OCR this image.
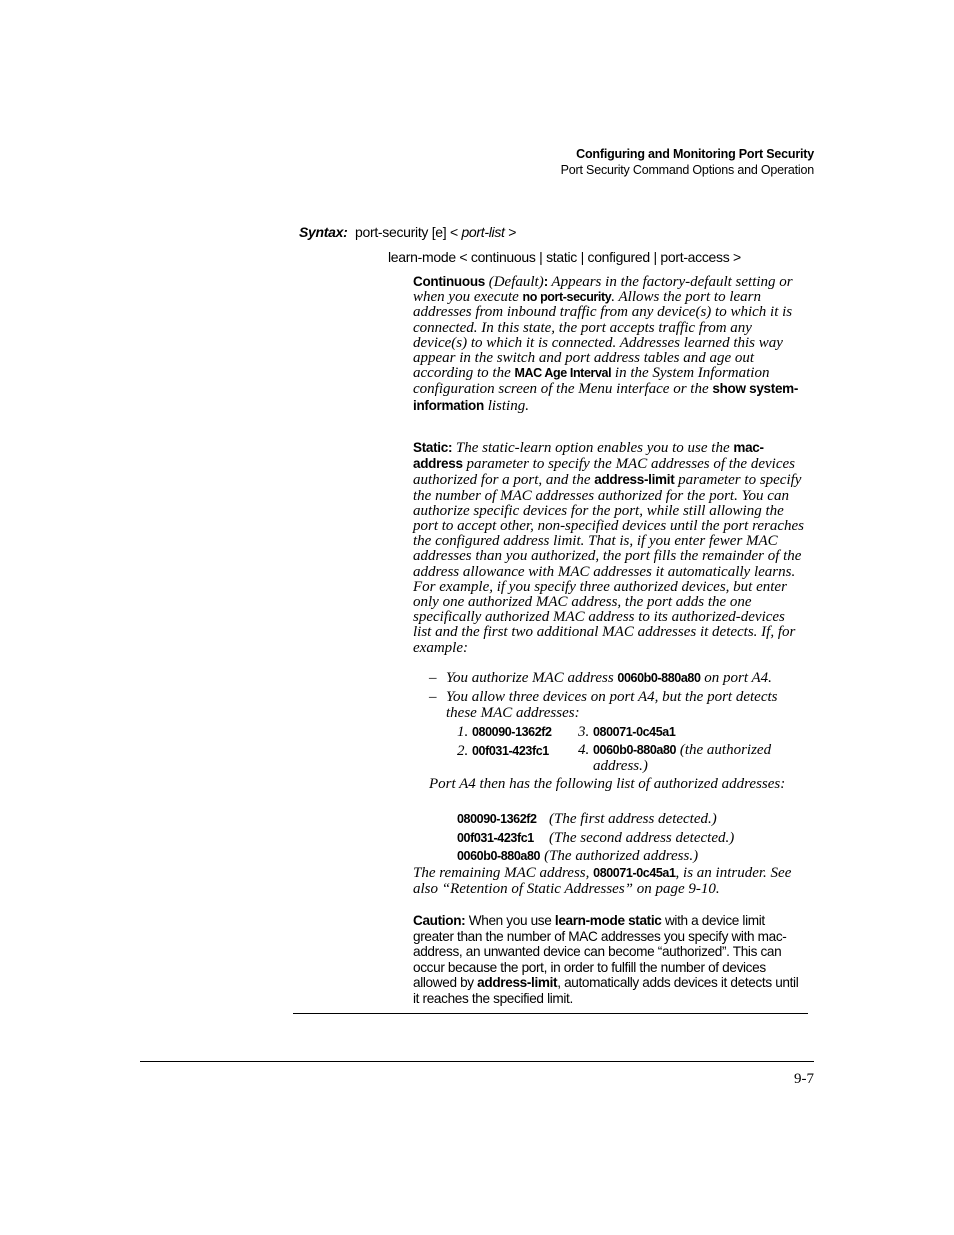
Configuring and Monitoring Port Security
Port Security Command Options and Operation
Syntax: port-security [e] < port-list >
learn-mode < continuous | static | configured | port-access >
Continuous (Default): Appears in the factory-default setting or when you execute no port-security. Allows the port to learn addresses from inbound traffic from any device(s) to which it is connected. In this state, the port accepts traffic from any device(s) to which it is connected. Addresses learned this way appear in the switch and port address tables and age out according to the MAC Age Interval in the System Information configuration screen of the Menu interface or the show system-information listing.
Static: The static-learn option enables you to use the mac-address parameter to specify the MAC addresses of the devices authorized for a port, and the address-limit parameter to specify the number of MAC addresses authorized for the port. You can authorize specific devices for the port, while still allowing the port to accept other, non-specified devices until the port reraches the configured address limit. That is, if you enter fewer MAC addresses than you authorized, the port fills the remainder of the address allowance with MAC addresses it automatically learns. For example, if you specify three authorized devices, but enter only one authorized MAC address, the port adds the one specifically authorized MAC address to its authorized-devices list and the first two additional MAC addresses it detects. If, for example:
– You authorize MAC address 0060b0-880a80 on port A4.
– You allow three devices on port A4, but the port detects these MAC addresses:
1. 080090-1362f2
2. 00f031-423fc1
3. 080071-0c45a1
4. 0060b0-880a80 (the authorized
address.)
Port A4 then has the following list of authorized addresses:
080090-1362f2 (The first address detected.)
00f031-423fc1 (The second address detected.)
0060b0-880a80 (The authorized address.)
The remaining MAC address, 080071-0c45a1, is an intruder. See also “Retention of Static Addresses” on page 9-10.
Caution: When you use learn-mode static with a device limit greater than the number of MAC addresses you specify with mac-address, an unwanted device can become “authorized”. This can occur because the port, in order to fulfill the number of devices allowed by address-limit, automatically adds devices it detects until it reaches the specified limit.
9-7
